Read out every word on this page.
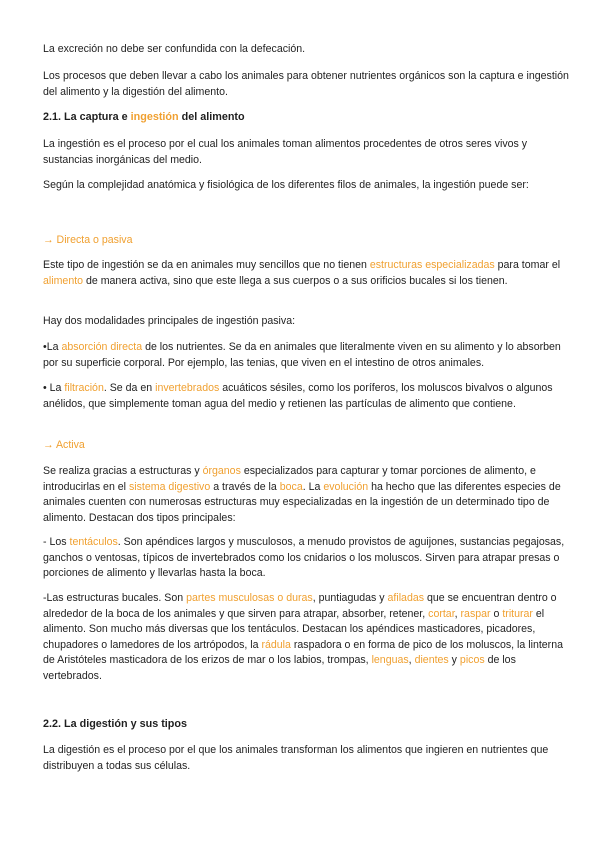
La excreción no debe ser confundida con la defecación.

Los procesos que deben llevar a cabo los animales para obtener nutrientes orgánicos son la captura e ingestión del alimento y la digestión del alimento.

2.1. La captura e ingestión del alimento

La ingestión es el proceso por el cual los animales toman alimentos procedentes de otros seres vivos y sustancias inorgánicas del medio.

Según la complejidad anatómica y fisiológica de los diferentes filos de animales, la ingestión puede ser:

→ Directa o pasiva

Este tipo de ingestión se da en animales muy sencillos que no tienen estructuras especializadas para tomar el alimento de manera activa, sino que este llega a sus cuerpos o a sus orificios bucales si los tienen.

Hay dos modalidades principales de ingestión pasiva:

•La absorción directa de los nutrientes. Se da en animales que literalmente viven en su alimento y lo absorben por su superficie corporal. Por ejemplo, las tenias, que viven en el intestino de otros animales.

• La filtración. Se da en invertebrados acuáticos sésiles, como los poríferos, los moluscos bivalvos o algunos anélidos, que simplemente toman agua del medio y retienen las partículas de alimento que contiene.

→ Activa

Se realiza gracias a estructuras y órganos especializados para capturar y tomar porciones de alimento, e introducirlas en el sistema digestivo a través de la boca. La evolución ha hecho que las diferentes especies de animales cuenten con numerosas estructuras muy especializadas en la ingestión de un determinado tipo de alimento. Destacan dos tipos principales:

- Los tentáculos. Son apéndices largos y musculosos, a menudo provistos de aguijones, sustancias pegajosas, ganchos o ventosas, típicos de invertebrados como los cnidarios o los moluscos. Sirven para atrapar presas o porciones de alimento y llevarlas hasta la boca.

-Las estructuras bucales. Son partes musculosas o duras, puntiagudas y afiladas que se encuentran dentro o alrededor de la boca de los animales y que sirven para atrapar, absorber, retener, cortar, raspar o triturar el alimento. Son mucho más diversas que los tentáculos. Destacan los apéndices masticadores, picadores, chupadores o lamedores de los artrópodos, la rádula raspadora o en forma de pico de los moluscos, la linterna de Aristóteles masticadora de los erizos de mar o los labios, trompas, lenguas, dientes y picos de los vertebrados.

2.2. La digestión y sus tipos

La digestión es el proceso por el que los animales transforman los alimentos que ingieren en nutrientes que distribuyen a todas sus células.
